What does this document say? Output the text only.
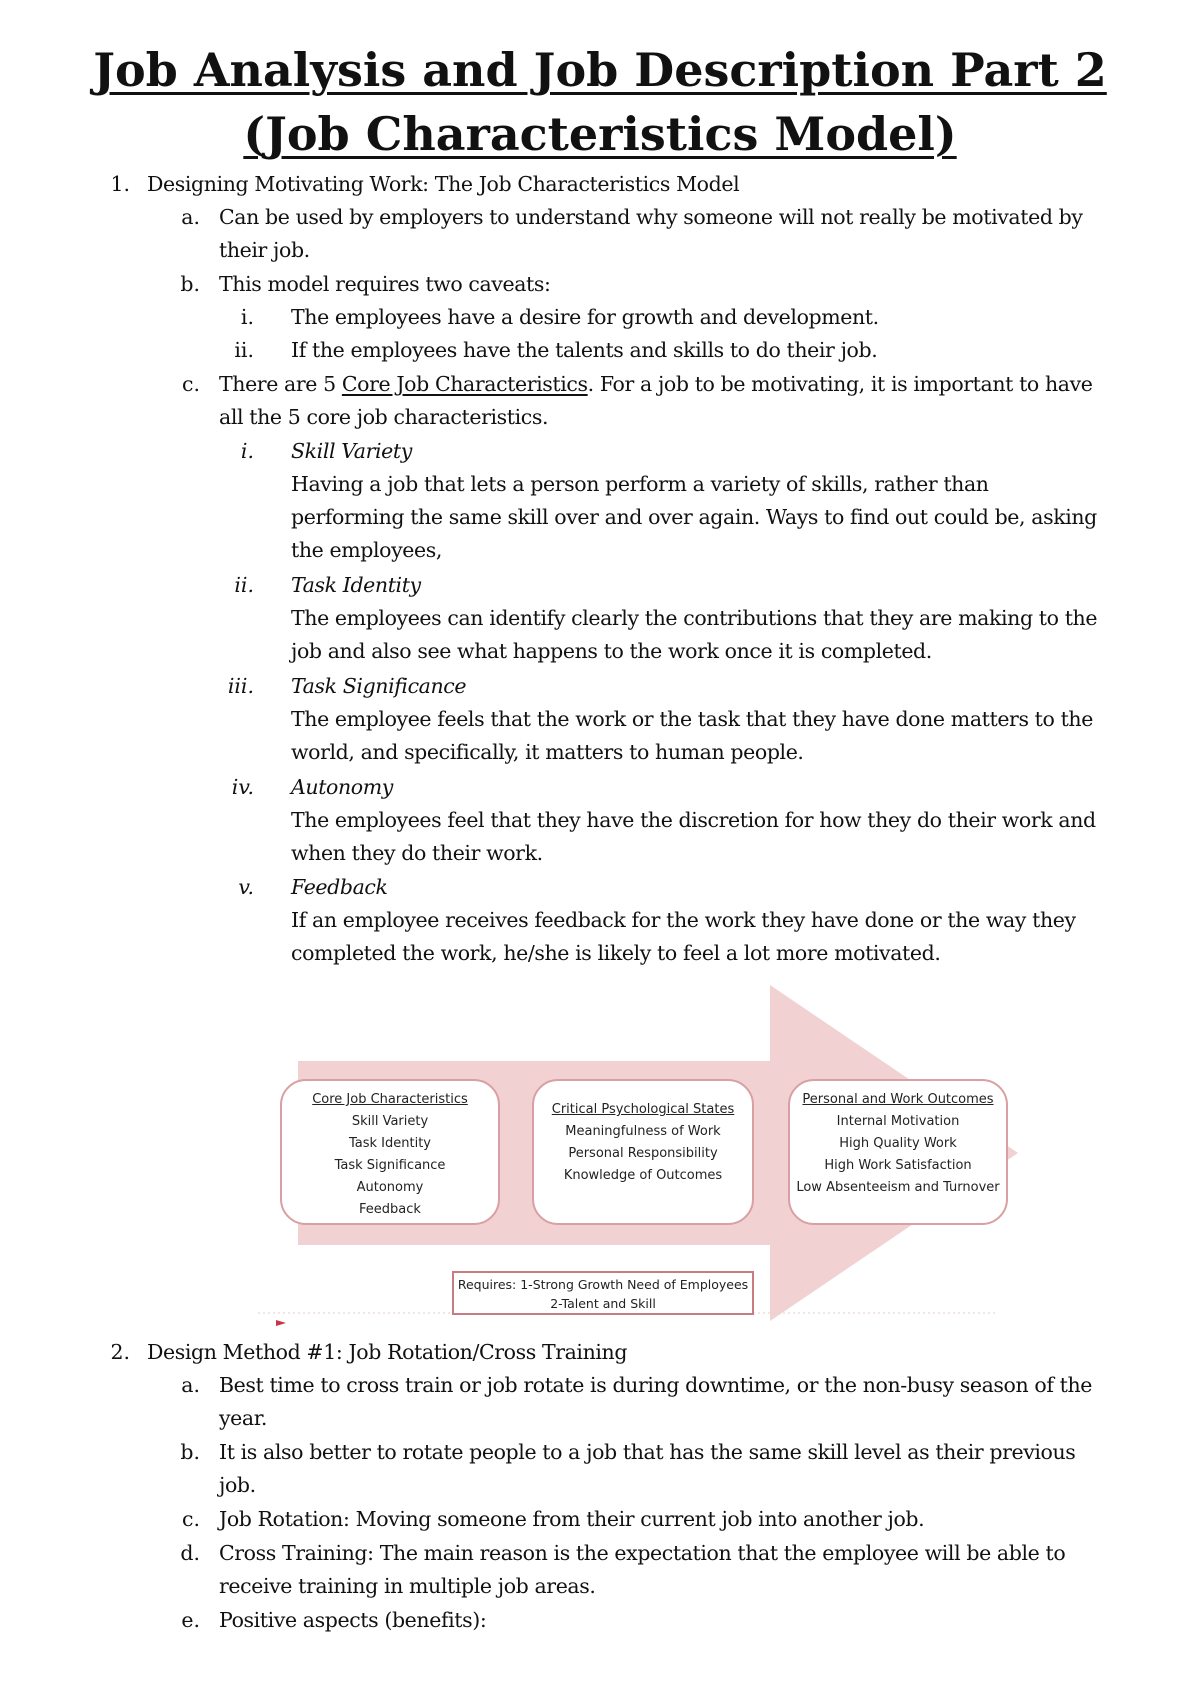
Job Analysis and Job Description Part 2 (Job Characteristics Model)
1. Designing Motivating Work: The Job Characteristics Model
a. Can be used by employers to understand why someone will not really be motivated by
their job.
b. This model requires two caveats:
i. The employees have a desire for growth and development.
ii. If the employees have the talents and skills to do their job.
c. There are 5 Core Job Characteristics. For a job to be motivating, it is important to have
all the 5 core job characteristics.
i. Skill Variety
Having a job that lets a person perform a variety of skills, rather than
performing the same skill over and over again. Ways to find out could be, asking
the employees,
ii. Task Identity
The employees can identify clearly the contributions that they are making to the
job and also see what happens to the work once it is completed.
iii. Task Significance
The employee feels that the work or the task that they have done matters to the
world, and specifically, it matters to human people.
iv. Autonomy
The employees feel that they have the discretion for how they do their work and
when they do their work.
v. Feedback
If an employee receives feedback for the work they have done or the way they
completed the work, he/she is likely to feel a lot more motivated.
Core Job Characteristics
Skill Variety
Task Identity
Task Significance
Autonomy
Feedback
Critical Psychological States
Meaningfulness of Work
Personal Responsibility
Knowledge of Outcomes
Personal and Work Outcomes
Internal Motivation
High Quality Work
High Work Satisfaction
Low Absenteeism and Turnover
Requires: 1-Strong Growth Need of Employees
2-Talent and Skill
2. Design Method #1: Job Rotation/Cross Training
a. Best time to cross train or job rotate is during downtime, or the non-busy season of the
year.
b. It is also better to rotate people to a job that has the same skill level as their previous
job.
c. Job Rotation: Moving someone from their current job into another job.
d. Cross Training: The main reason is the expectation that the employee will be able to
receive training in multiple job areas.
e. Positive aspects (benefits):
